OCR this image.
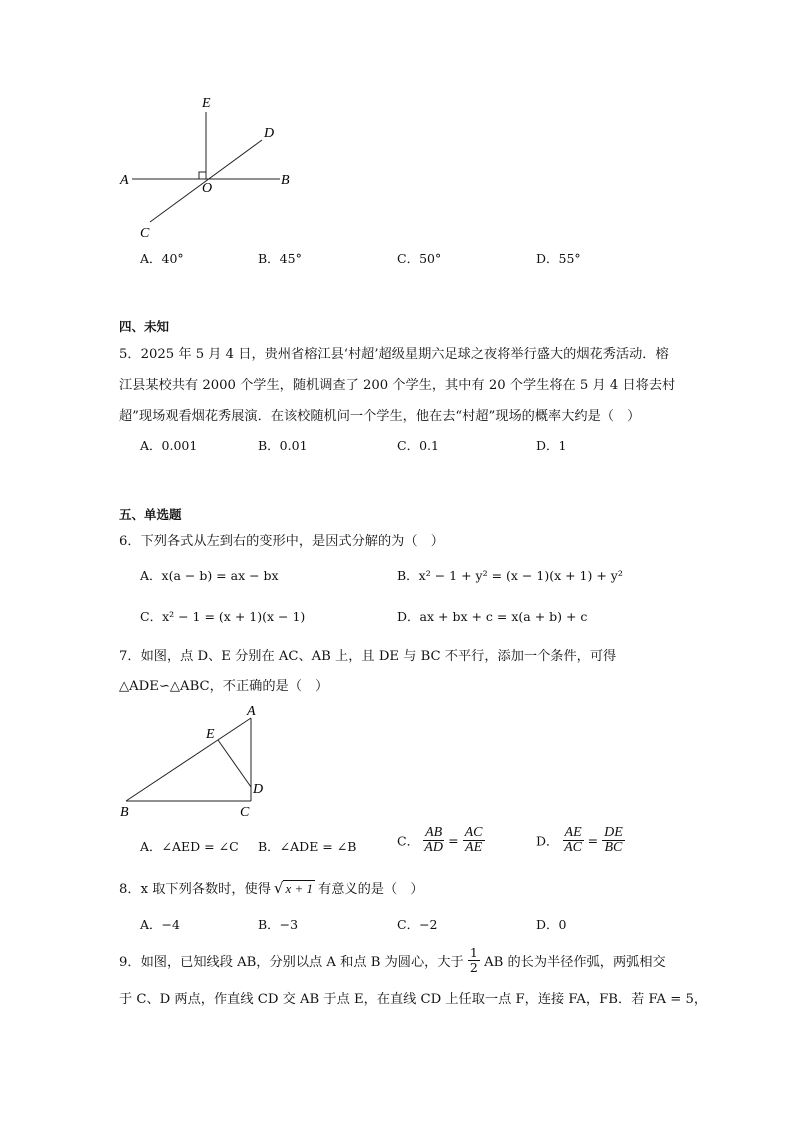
E
D
A
O
B
C
A．40°	B．45°	C．50°	D．55°
四、未知
5．2025 年 5 月 4 日，贵州省榕江县‘村超’超级星期六足球之夜将举行盛大的烟花秀活动．榕
江县某校共有 2000 个学生，随机调查了 200 个学生，其中有 20 个学生将在 5 月 4 日将去村
超”现场观看烟花秀展演．在该校随机问一个学生，他在去“村超”现场的概率大约是（　）
A．0.001	B．0.01	C．0.1	D．1
五、单选题
6．下列各式从左到右的变形中，是因式分解的为（　）
A．x(a − b) = ax − bx	B．x² − 1 + y² = (x − 1)(x + 1) + y²
C．x² − 1 = (x + 1)(x − 1)	D．ax + bx + c = x(a + b) + c
7．如图，点 D、E 分别在 AC、AB 上，且 DE 与 BC 不平行，添加一个条件，可得
△ADE∽△ABC，不正确的是（　）
A
E
D
B	C
A．∠AED = ∠C B．∠ADE = ∠B	C． $\frac{AB}{AD} = \frac{AC}{AE}$	D． $\frac{AE}{AC} = \frac{DE}{BC}$
8．x 取下列各数时，使得 √ x + 1 有意义的是（　）
A．−4	B．−3	C．−2	D．0
9．如图，已知线段 AB，分别以点 A 和点 B 为圆心，大于 $\frac{1}{2}$ AB 的长为半径作弧，两弧相交
于 C、D 两点，作直线 CD 交 AB 于点 E，在直线 CD 上任取一点 F，连接 FA，FB．若 FA = 5，
